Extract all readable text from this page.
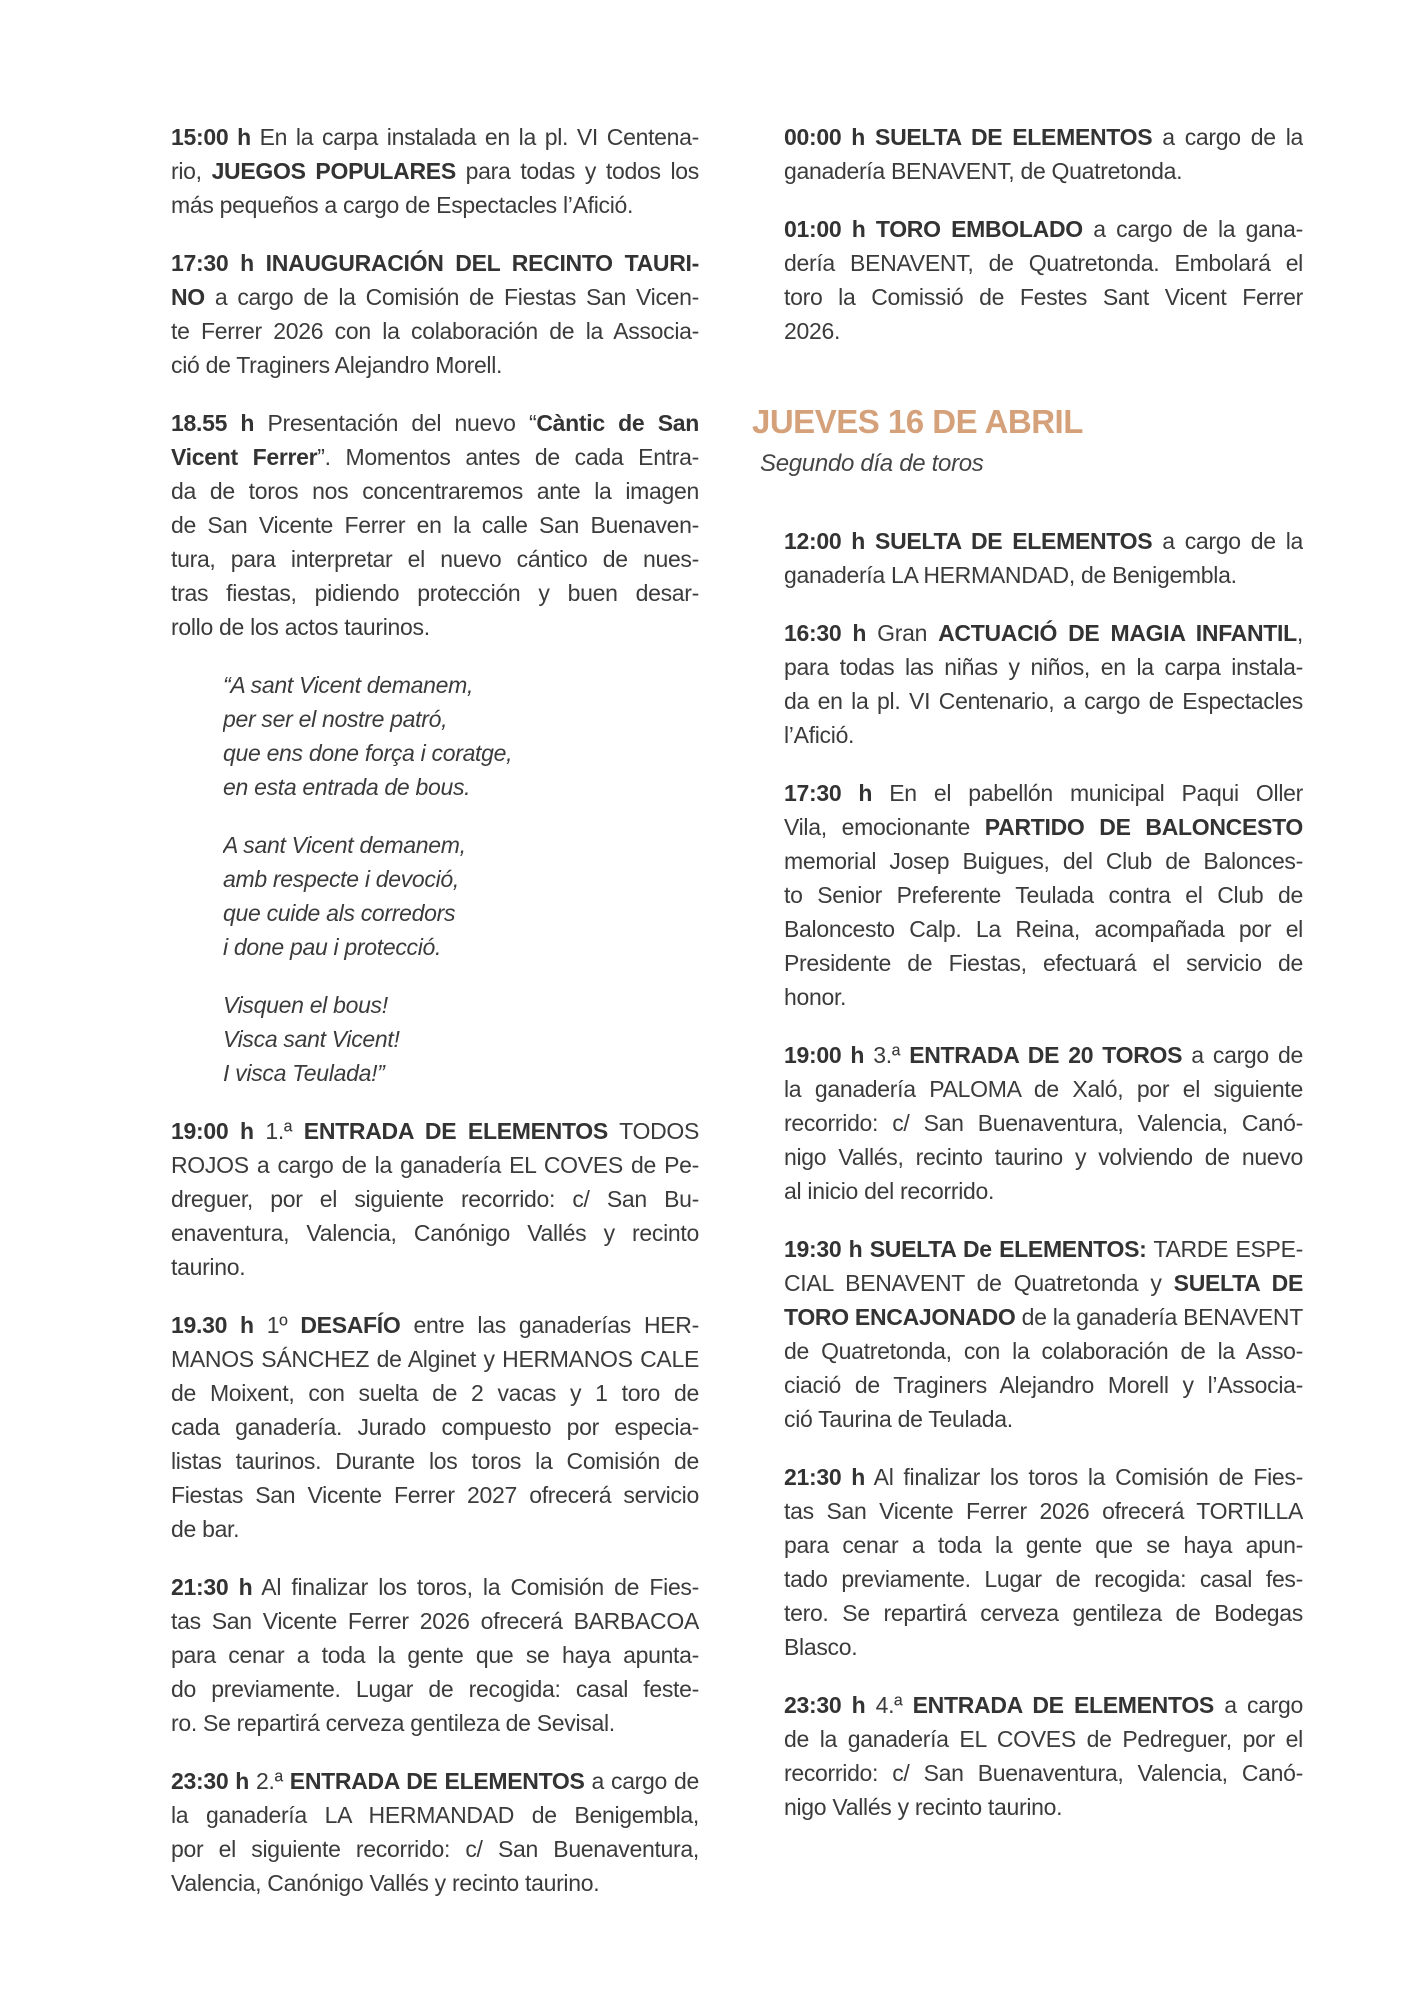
15:00 h En la carpa instalada en la pl. VI Centena-
rio, JUEGOS POPULARES para todas y todos los
más pequeños a cargo de Espectacles l’Afició.
17:30 h INAUGURACIÓN DEL RECINTO TAURI-
NO a cargo de la Comisión de Fiestas San Vicen-
te Ferrer 2026 con la colaboración de la Associa-
ció de Traginers Alejandro Morell.
18.55 h Presentación del nuevo “Càntic de San
Vicent Ferrer”. Momentos antes de cada Entra-
da de toros nos concentraremos ante la imagen
de San Vicente Ferrer en la calle San Buenaven-
tura, para interpretar el nuevo cántico de nues-
tras fiestas, pidiendo protección y buen desar-
rollo de los actos taurinos.
“A sant Vicent demanem,
per ser el nostre patró,
que ens done força i coratge,
en esta entrada de bous.
A sant Vicent demanem,
amb respecte i devoció,
que cuide als corredors
i done pau i protecció.
Visquen el bous!
Visca sant Vicent!
I visca Teulada!”
19:00 h 1.ª ENTRADA DE ELEMENTOS TODOS
ROJOS a cargo de la ganadería EL COVES de Pe-
dreguer, por el siguiente recorrido: c/ San Bu-
enaventura, Valencia, Canónigo Vallés y recinto
taurino.
19.30 h 1º DESAFÍO entre las ganaderías HER-
MANOS SÁNCHEZ de Alginet y HERMANOS CALE
de Moixent, con suelta de 2 vacas y 1 toro de
cada ganadería. Jurado compuesto por especia-
listas taurinos. Durante los toros la Comisión de
Fiestas San Vicente Ferrer 2027 ofrecerá servicio
de bar.
21:30 h Al finalizar los toros, la Comisión de Fies-
tas San Vicente Ferrer 2026 ofrecerá BARBACOA
para cenar a toda la gente que se haya apunta-
do previamente. Lugar de recogida: casal feste-
ro. Se repartirá cerveza gentileza de Sevisal.
23:30 h 2.ª ENTRADA DE ELEMENTOS a cargo de
la ganadería LA HERMANDAD de Benigembla,
por el siguiente recorrido: c/ San Buenaventura,
Valencia, Canónigo Vallés y recinto taurino.
00:00 h SUELTA DE ELEMENTOS a cargo de la
ganadería BENAVENT, de Quatretonda.
01:00 h TORO EMBOLADO a cargo de la gana-
dería BENAVENT, de Quatretonda. Embolará el
toro la Comissió de Festes Sant Vicent Ferrer
2026.
JUEVES 16 DE ABRIL
Segundo día de toros
12:00 h SUELTA DE ELEMENTOS a cargo de la
ganadería LA HERMANDAD, de Benigembla.
16:30 h Gran ACTUACIÓ DE MAGIA INFANTIL,
para todas las niñas y niños, en la carpa instala-
da en la pl. VI Centenario, a cargo de Espectacles
l’Afició.
17:30 h En el pabellón municipal Paqui Oller
Vila, emocionante PARTIDO DE BALONCESTO
memorial Josep Buigues, del Club de Balonces-
to Senior Preferente Teulada contra el Club de
Baloncesto Calp. La Reina, acompañada por el
Presidente de Fiestas, efectuará el servicio de
honor.
19:00 h 3.ª ENTRADA DE 20 TOROS a cargo de
la ganadería PALOMA de Xaló, por el siguiente
recorrido: c/ San Buenaventura, Valencia, Canó-
nigo Vallés, recinto taurino y volviendo de nuevo
al inicio del recorrido.
19:30 h SUELTA De ELEMENTOS: TARDE ESPE-
CIAL BENAVENT de Quatretonda y SUELTA DE
TORO ENCAJONADO de la ganadería BENAVENT
de Quatretonda, con la colaboración de la Asso-
ciació de Traginers Alejandro Morell y l’Associa-
ció Taurina de Teulada.
21:30 h Al finalizar los toros la Comisión de Fies-
tas San Vicente Ferrer 2026 ofrecerá TORTILLA
para cenar a toda la gente que se haya apun-
tado previamente. Lugar de recogida: casal fes-
tero. Se repartirá cerveza gentileza de Bodegas
Blasco.
23:30 h 4.ª ENTRADA DE ELEMENTOS a cargo
de la ganadería EL COVES de Pedreguer, por el
recorrido: c/ San Buenaventura, Valencia, Canó-
nigo Vallés y recinto taurino.
